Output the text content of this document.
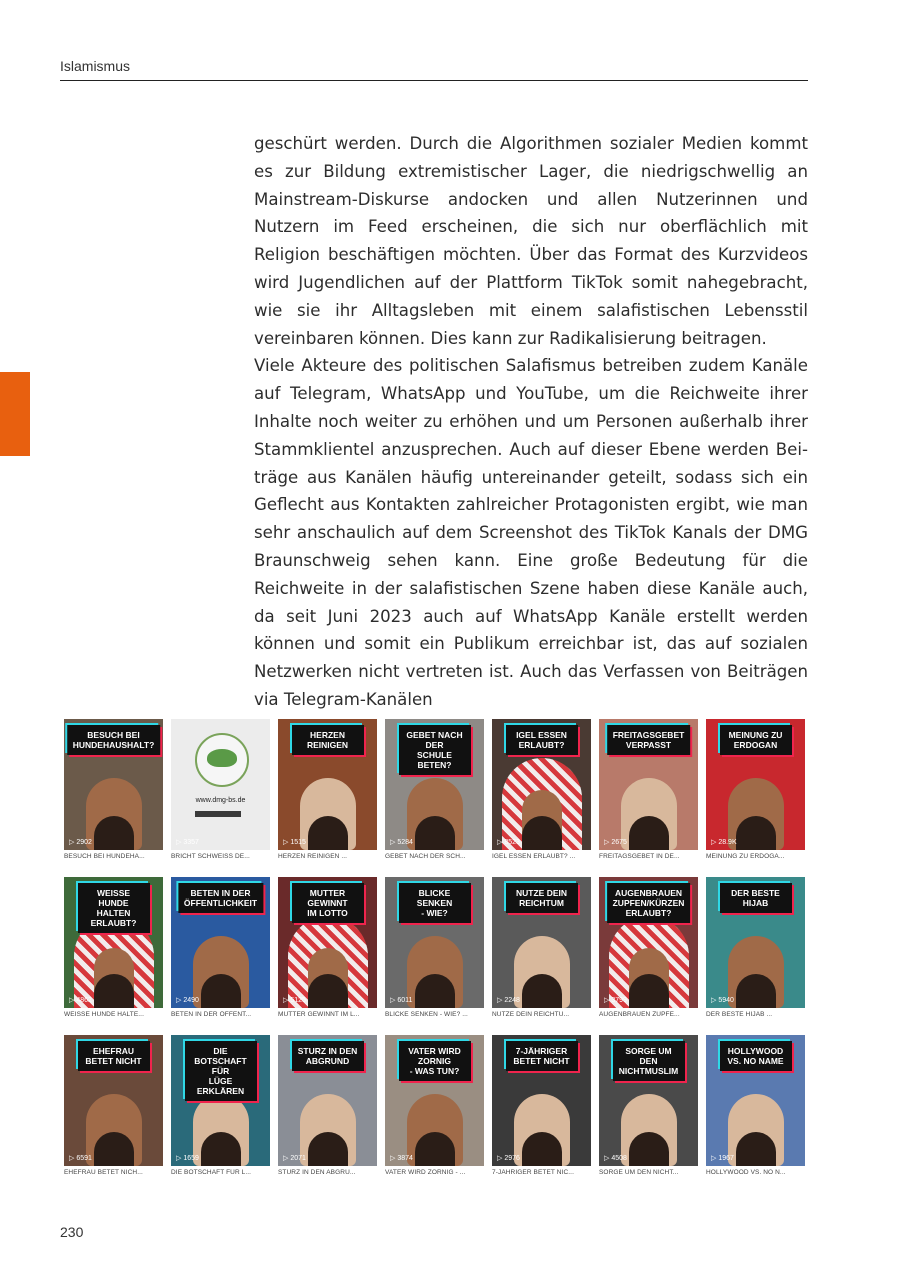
Islamismus

geschürt werden. Durch die Algorithmen sozialer Medien kommt es zur Bildung extremistischer Lager, die niedrigschwellig an Mainstream-Diskurse andocken und allen Nutzerinnen und Nutzern im Feed erscheinen, die sich nur oberflächlich mit Religion beschäftigen möchten. Über das Format des Kurzvideos wird Jugendlichen auf der Plattform TikTok somit nahegebracht, wie sie ihr Alltagsleben mit einem salafistischen Lebensstil vereinbaren können. Dies kann zur Radikalisierung beitragen.

Viele Akteure des politischen Salafismus betreiben zudem Kanäle auf Telegram, WhatsApp und YouTube, um die Reichweite ihrer Inhalte noch weiter zu erhöhen und um Personen außerhalb ihrer Stammklientel anzusprechen. Auch auf dieser Ebene werden Beiträge aus Kanälen häufig untereinander geteilt, sodass sich ein Geflecht aus Kontakten zahlreicher Protagonisten ergibt, wie man sehr anschaulich auf dem Screenshot des TikTok Kanals der DMG Braunschweig sehen kann. Eine große Bedeutung für die Reichweite in der salafistischen Szene haben diese Kanäle auch, da seit Juni 2023 auch auf WhatsApp Kanäle erstellt werden können und somit ein Publikum erreichbar ist, das auf sozialen Netzwerken nicht vertreten ist. Auch das Verfassen von Beiträgen via Telegram-Kanälen

BESUCH BEI
HUNDEHAUSHALT?
▷ 2902
BESUCH BEI HUNDEHA...
www.dmg-bs.de
▷ 3357
BRICHT SCHWEISS DE...
HERZEN
REINIGEN
▷ 1515
HERZEN REINIGEN ...
GEBET NACH DER
SCHULE BETEN?
▷ 5284
GEBET NACH DER SCH...
IGEL ESSEN
ERLAUBT?
▷ 8523
IGEL ESSEN ERLAUBT? ...
FREITAGSGEBET
VERPASST
▷ 2675
FREITAGSGEBET IN DE...
MEINUNG ZU
ERDOGAN
▷ 28.9K
MEINUNG ZU ERDOGA...
WEISSE HUNDE
HALTEN ERLAUBT?
▷ 4862
WEISSE HUNDE HALTE...
BETEN IN DER
ÖFFENTLICHKEIT
▷ 2490
BETEN IN DER ÖFFENT...
MUTTER GEWINNT
IM LOTTO
▷ 5125
MUTTER GEWINNT IM L...
BLICKE SENKEN
- WIE?
▷ 6011
BLICKE SENKEN - WIE? ...
NUTZE DEIN
REICHTUM
▷ 2248
NUTZE DEIN REICHTU...
AUGENBRAUEN
ZUPFEN/KÜRZEN
ERLAUBT?
▷ 3799
AUGENBRAUEN ZUPFE...
DER BESTE
HIJAB
▷ 5940
DER BESTE HIJAB ...
EHEFRAU
BETET NICHT
▷ 6591
EHEFRAU BETET NICH...
DIE BOTSCHAFT FÜR
LÜGE ERKLÄREN
▷ 1659
DIE BOTSCHAFT FÜR L...
STURZ IN DEN
ABGRUND
▷ 2071
STURZ IN DEN ABGRU...
VATER WIRD ZORNIG
- WAS TUN?
▷ 3874
VATER WIRD ZORNIG - ...
7-JÄHRIGER
BETET NICHT
▷ 2976
7-JÄHRIGER BETET NIC...
SORGE UM DEN
NICHTMUSLIM
▷ 4508
SORGE UM DEN NICHT...
HOLLYWOOD
VS. NO NAME
▷ 1967
HOLLYWOOD VS. NO N...
230
